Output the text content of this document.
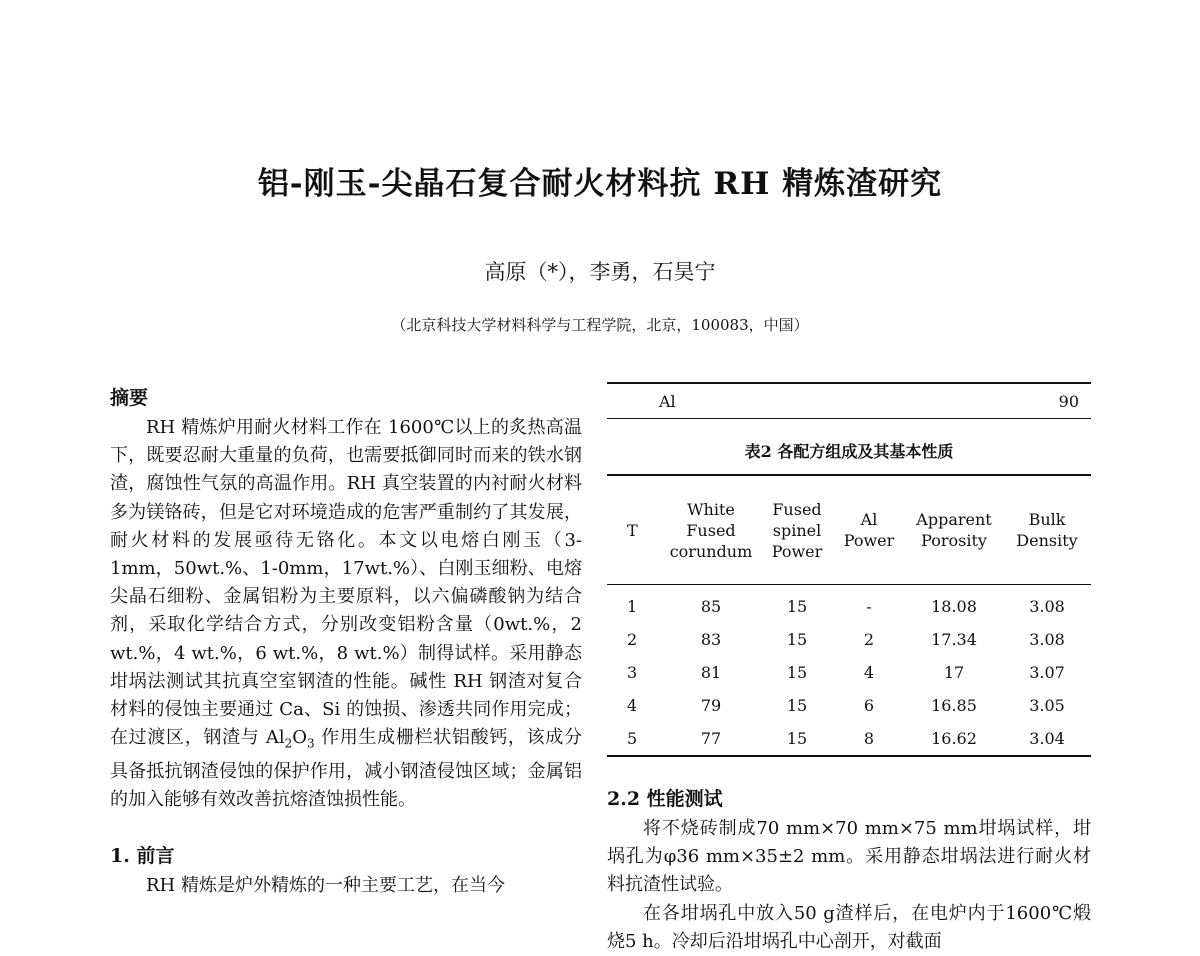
铝-刚玉-尖晶石复合耐火材料抗 RH 精炼渣研究
高原（*），李勇，石昊宁
（北京科技大学材料科学与工程学院，北京，100083，中国）
摘要

RH 精炼炉用耐火材料工作在 1600℃以上的炙热高温下，既要忍耐大重量的负荷，也需要抵御同时而来的铁水钢渣，腐蚀性气氛的高温作用。RH 真空装置的内衬耐火材料多为镁铬砖，但是它对环境造成的危害严重制约了其发展，耐火材料的发展亟待无铬化。本文以电熔白刚玉（3-1mm，50wt.%、1-0mm，17wt.%）、白刚玉细粉、电熔尖晶石细粉、金属铝粉为主要原料，以六偏磷酸钠为结合剂，采取化学结合方式，分别改变铝粉含量（0wt.%，2 wt.%，4 wt.%，6 wt.%，8 wt.%）制得试样。采用静态坩埚法测试其抗真空室钢渣的性能。碱性 RH 钢渣对复合材料的侵蚀主要通过 Ca、Si 的蚀损、渗透共同作用完成；在过渡区，钢渣与 $Al_2O_3$ 作用生成栅栏状铝酸钙，该成分具备抵抗钢渣侵蚀的保护作用，减小钢渣侵蚀区域；金属铝的加入能够有效改善抗熔渣蚀损性能。

1. 前言

RH 精炼是炉外精炼的一种主要工艺，在当今

Al	90
表2 各配方组成及其基本性质
T	White Fused corundum	Fused spinel Power	Al Power	Apparent Porosity	Bulk Density
1	85	15	-	18.08	3.08
2	83	15	2	17.34	3.08
3	81	15	4	17	3.07
4	79	15	6	16.85	3.05
5	77	15	8	16.62	3.04
2.2 性能测试

将不烧砖制成70 mm×70 mm×75 mm坩埚试样，坩埚孔为φ36 mm×35±2 mm。采用静态坩埚法进行耐火材料抗渣性试验。

在各坩埚孔中放入50 g渣样后，在电炉内于1600℃煅烧5 h。冷却后沿坩埚孔中心剖开，对截面
